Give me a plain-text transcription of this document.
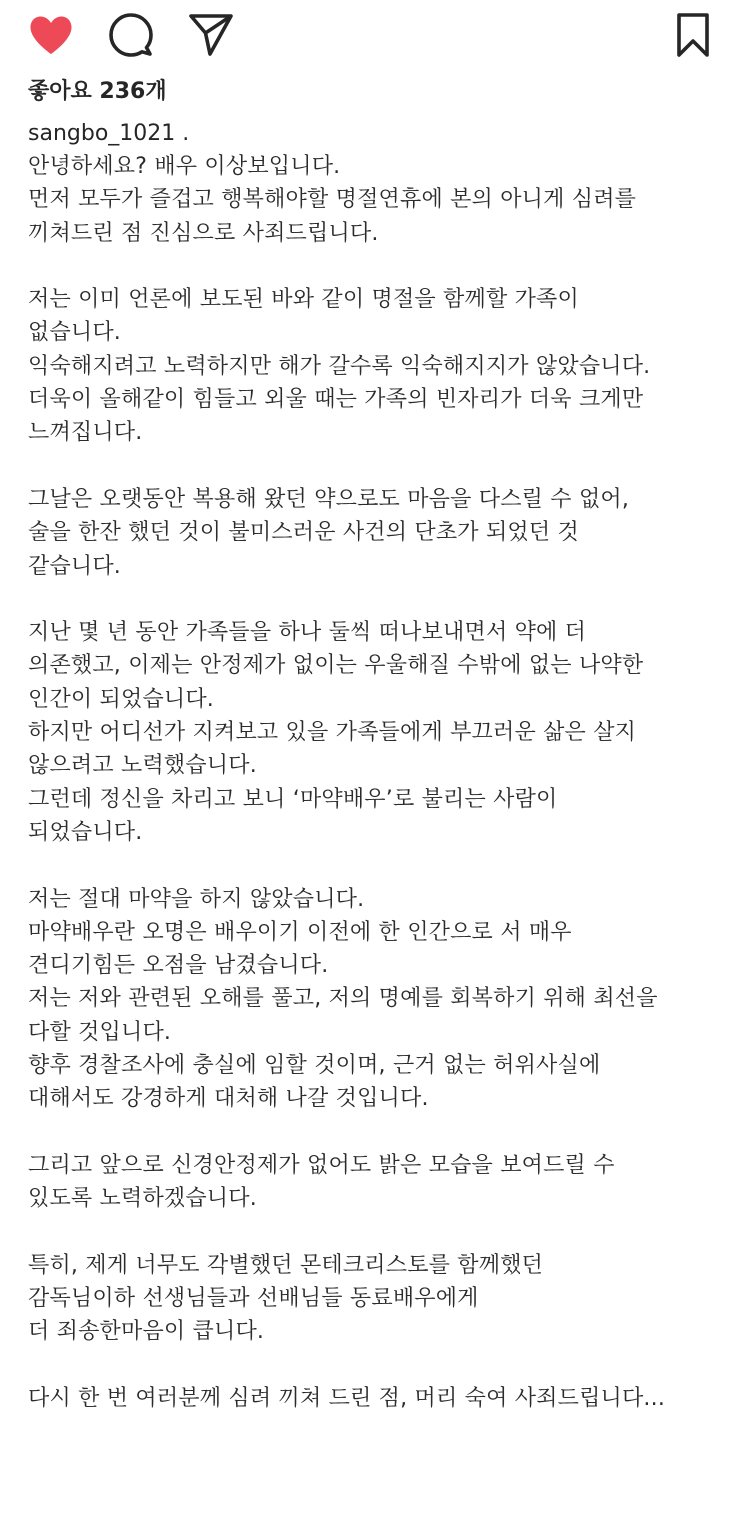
좋아요 236개
sangbo_1021 .
안녕하세요? 배우 이상보입니다.
먼저 모두가 즐겁고 행복해야할 명절연휴에 본의 아니게 심려를
끼쳐드린 점 진심으로 사죄드립니다.
저는 이미 언론에 보도된 바와 같이 명절을 함께할 가족이
없습니다.
익숙해지려고 노력하지만 해가 갈수록 익숙해지지가 않았습니다.
더욱이 올해같이 힘들고 외울 때는 가족의 빈자리가 더욱 크게만
느껴집니다.
그날은 오랫동안 복용해 왔던 약으로도 마음을 다스릴 수 없어,
술을 한잔 했던 것이 불미스러운 사건의 단초가 되었던 것
같습니다.
지난 몇 년 동안 가족들을 하나 둘씩 떠나보내면서 약에 더
의존했고, 이제는 안정제가 없이는 우울해질 수밖에 없는 나약한
인간이 되었습니다.
하지만 어디선가 지켜보고 있을 가족들에게 부끄러운 삶은 살지
않으려고 노력했습니다.
그런데 정신을 차리고 보니 ‘마약배우’로 불리는 사람이
되었습니다.
저는 절대 마약을 하지 않았습니다.
마약배우란 오명은 배우이기 이전에 한 인간으로 서 매우
견디기힘든 오점을 남겼습니다.
저는 저와 관련된 오해를 풀고, 저의 명예를 회복하기 위해 최선을
다할 것입니다.
향후 경찰조사에 충실에 임할 것이며, 근거 없는 허위사실에
대해서도 강경하게 대처해 나갈 것입니다.
그리고 앞으로 신경안정제가 없어도 밝은 모습을 보여드릴 수
있도록 노력하겠습니다.
특히, 제게 너무도 각별했던 몬테크리스토를 함께했던
감독님이하 선생님들과 선배님들 동료배우에게
더 죄송한마음이 큽니다.
다시 한 번 여러분께 심려 끼쳐 드린 점, 머리 숙여 사죄드립니다...
